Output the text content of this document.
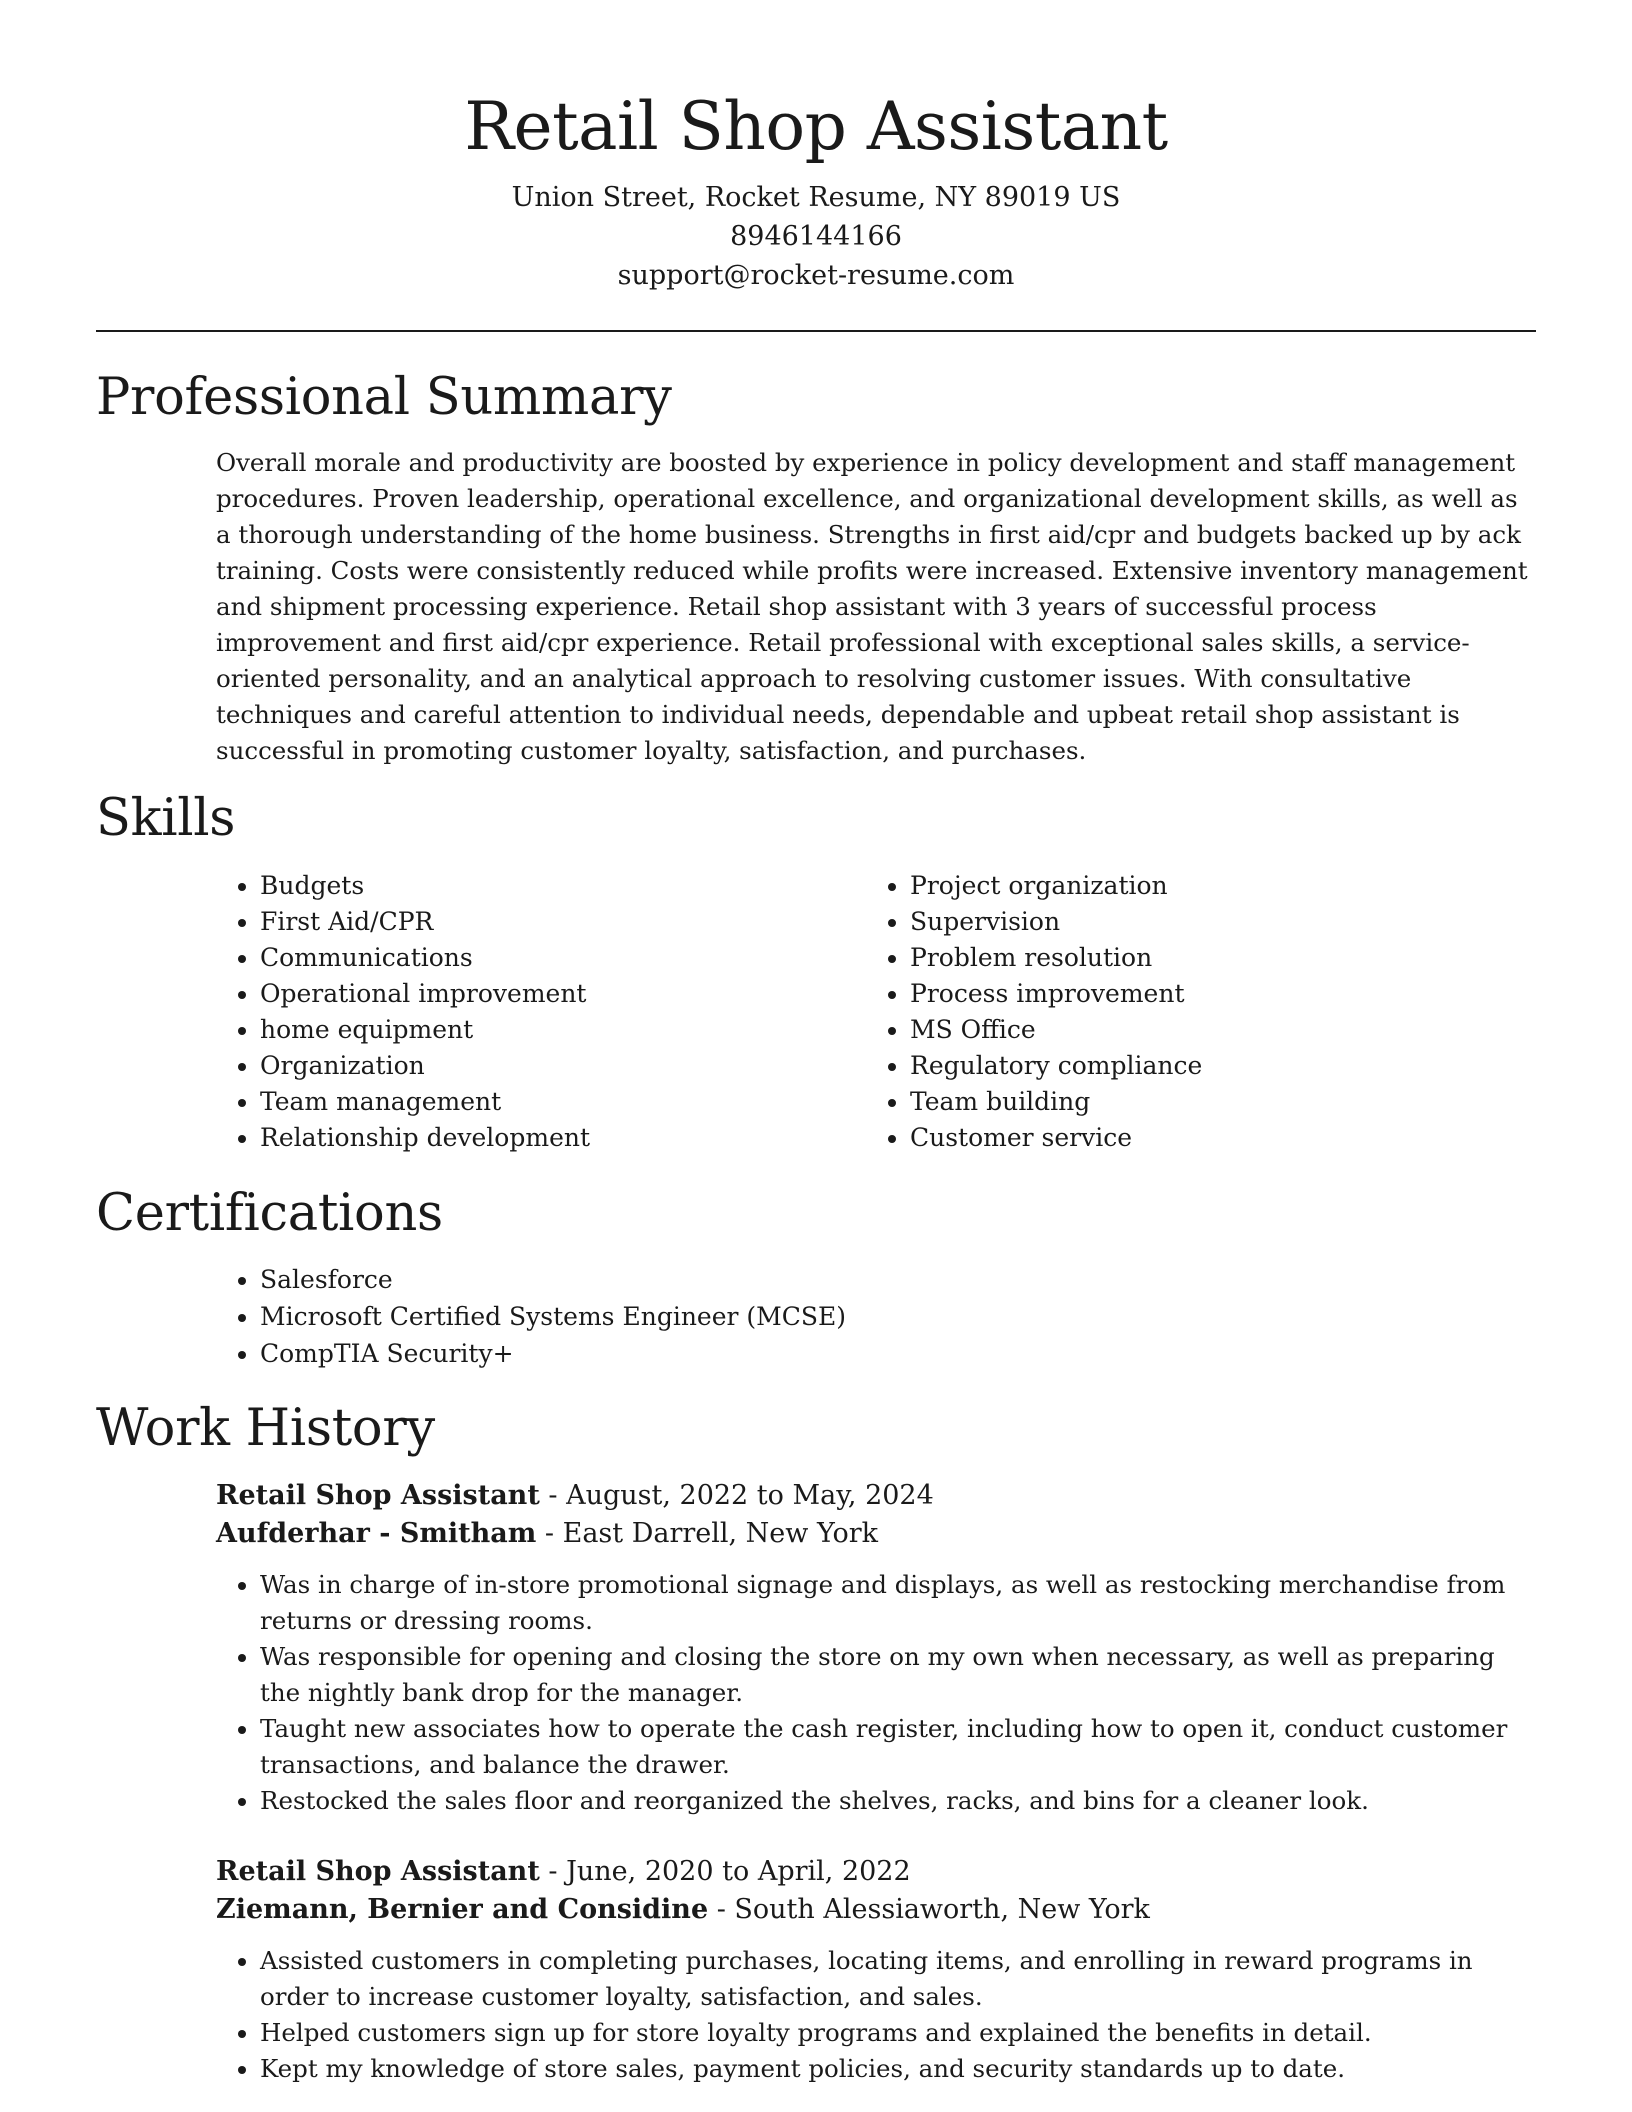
Retail Shop Assistant
Union Street, Rocket Resume, NY 89019 US
8946144166
support@rocket-resume.com
Professional Summary

Overall morale and productivity are boosted by experience in policy development and staff management procedures. Proven leadership, operational excellence, and organizational development skills, as well as a thorough understanding of the home business. Strengths in first aid/cpr and budgets backed up by ack training. Costs were consistently reduced while profits were increased. Extensive inventory management and shipment processing experience. Retail shop assistant with 3 years of successful process improvement and first aid/cpr experience. Retail professional with exceptional sales skills, a service-oriented personality, and an analytical approach to resolving customer issues. With consultative techniques and careful attention to individual needs, dependable and upbeat retail shop assistant is successful in promoting customer loyalty, satisfaction, and purchases.

Skills
• Budgets
• First Aid/CPR
• Communications
• Operational improvement
• home equipment
• Organization
• Team management
• Relationship development
• Project organization
• Supervision
• Problem resolution
• Process improvement
• MS Office
• Regulatory compliance
• Team building
• Customer service
Certifications
• Salesforce
• Microsoft Certified Systems Engineer (MCSE)
• CompTIA Security+
Work History
Retail Shop Assistant - August, 2022 to May, 2024
Aufderhar - Smitham - East Darrell, New York
• Was in charge of in-store promotional signage and displays, as well as restocking merchandise from returns or dressing rooms.
• Was responsible for opening and closing the store on my own when necessary, as well as preparing the nightly bank drop for the manager.
• Taught new associates how to operate the cash register, including how to open it, conduct customer transactions, and balance the drawer.
• Restocked the sales floor and reorganized the shelves, racks, and bins for a cleaner look.
Retail Shop Assistant - June, 2020 to April, 2022
Ziemann, Bernier and Considine - South Alessiaworth, New York
• Assisted customers in completing purchases, locating items, and enrolling in reward programs in order to increase customer loyalty, satisfaction, and sales.
• Helped customers sign up for store loyalty programs and explained the benefits in detail.
• Kept my knowledge of store sales, payment policies, and security standards up to date.
